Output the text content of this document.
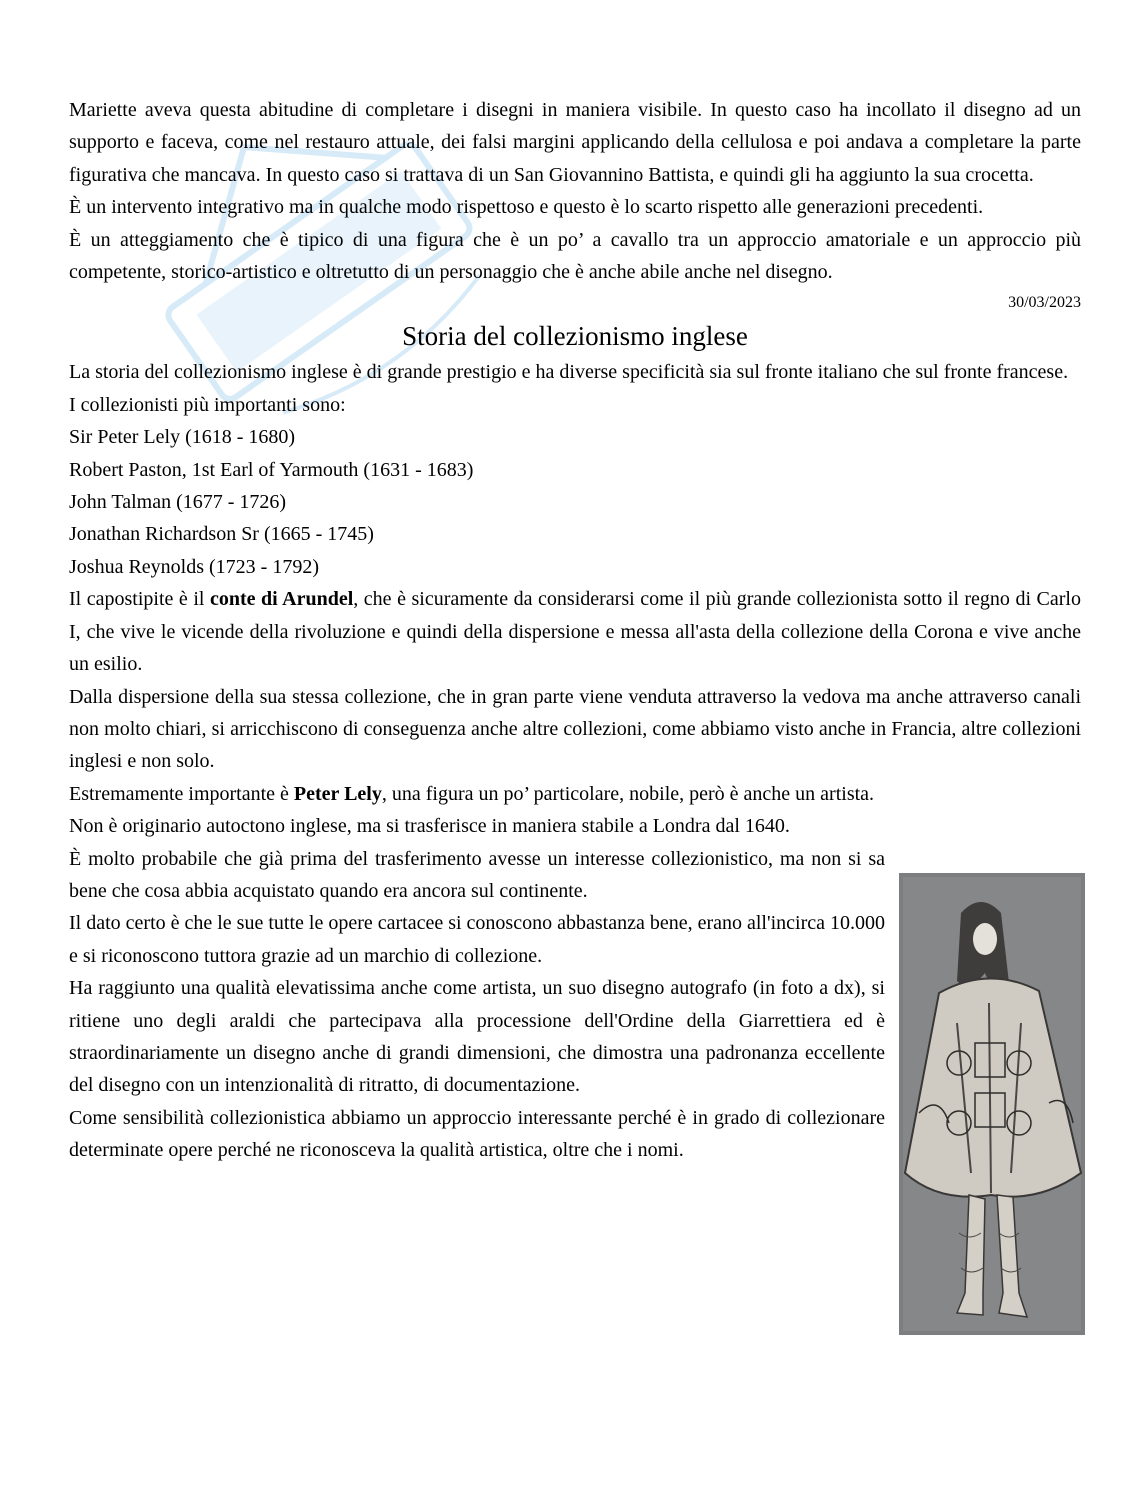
Mariette aveva questa abitudine di completare i disegni in maniera visibile. In questo caso ha incollato il disegno ad un supporto e faceva, come nel restauro attuale, dei falsi margini applicando della cellulosa e poi andava a completare la parte figurativa che mancava. In questo caso si trattava di un San Giovannino Battista, e quindi gli ha aggiunto la sua crocetta.

È un intervento integrativo ma in qualche modo rispettoso e questo è lo scarto rispetto alle generazioni precedenti.

È un atteggiamento che è tipico di una figura che è un po’ a cavallo tra un approccio amatoriale e un approccio più competente, storico-artistico e oltretutto di un personaggio che è anche abile anche nel disegno.

30/03/2023

Storia del collezionismo inglese

La storia del collezionismo inglese è di grande prestigio e ha diverse specificità sia sul fronte italiano che sul fronte francese.

I collezionisti più importanti sono:

Sir Peter Lely (1618 - 1680)

Robert Paston, 1st Earl of Yarmouth (1631 - 1683)

John Talman (1677 - 1726)

Jonathan Richardson Sr (1665 - 1745)

Joshua Reynolds (1723 - 1792)

Il capostipite è il conte di Arundel, che è sicuramente da considerarsi come il più grande collezionista sotto il regno di Carlo I, che vive le vicende della rivoluzione e quindi della dispersione e messa all'asta della collezione della Corona e vive anche un esilio.

Dalla dispersione della sua stessa collezione, che in gran parte viene venduta attraverso la vedova ma anche attraverso canali non molto chiari, si arricchiscono di conseguenza anche altre collezioni, come abbiamo visto anche in Francia, altre collezioni inglesi e non solo.

Estremamente importante è Peter Lely, una figura un po’ particolare, nobile, però è anche un artista.

Non è originario autoctono inglese, ma si trasferisce in maniera stabile a Londra dal 1640.

È molto probabile che già prima del trasferimento avesse un interesse collezionistico, ma non si sa bene che cosa abbia acquistato quando era ancora sul continente.

Il dato certo è che le sue tutte le opere cartacee si conoscono abbastanza bene, erano all'incirca 10.000 e si riconoscono tuttora grazie ad un marchio di collezione.

Ha raggiunto una qualità elevatissima anche come artista, un suo disegno autografo (in foto a dx), si ritiene uno degli araldi che partecipava alla processione dell'Ordine della Giarrettiera ed è straordinariamente un disegno anche di grandi dimensioni, che dimostra una padronanza eccellente del disegno con un intenzionalità di ritratto, di documentazione.

Come sensibilità collezionistica abbiamo un approccio interessante perché è in grado di collezionare determinate opere perché ne riconosceva la qualità artistica, oltre che i nomi.
